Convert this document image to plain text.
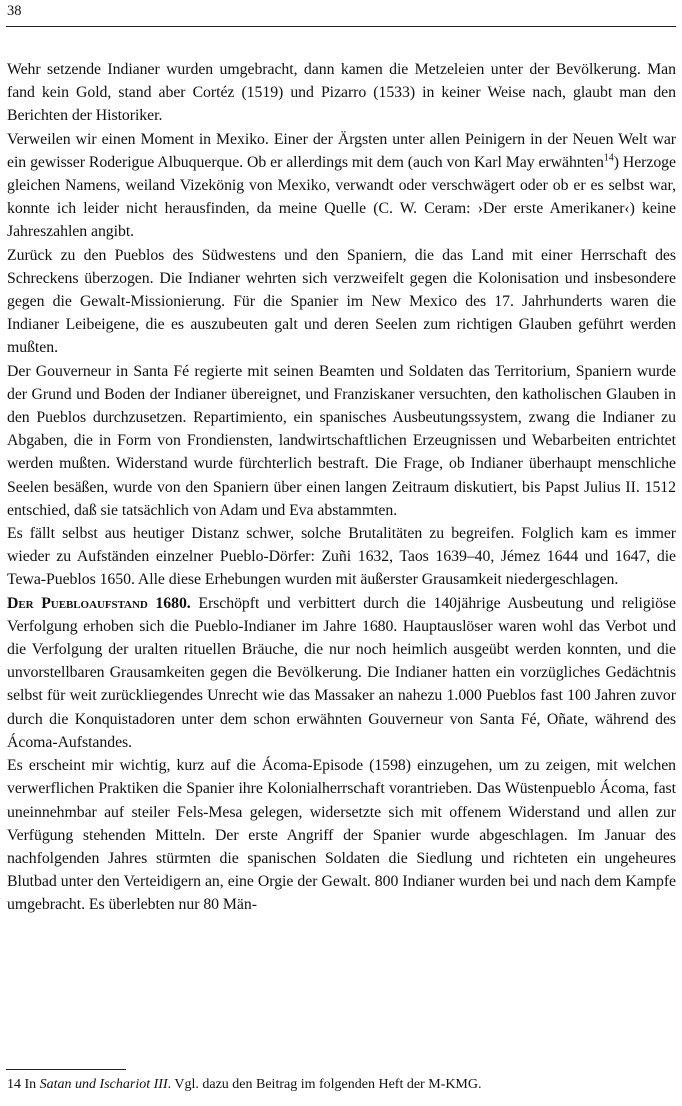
38

Wehr setzende Indianer wurden umgebracht, dann kamen die Metzeleien unter der Bevölkerung. Man fand kein Gold, stand aber Cortéz (1519) und Pizarro (1533) in keiner Weise nach, glaubt man den Berichten der Historiker.

Verweilen wir einen Moment in Mexiko. Einer der Ärgsten unter allen Peinigern in der Neuen Welt war ein gewisser Roderigue Albuquerque. Ob er allerdings mit dem (auch von Karl May erwähnten$^{14}$) Herzoge gleichen Namens, weiland Vizekönig von Mexiko, verwandt oder verschwägert oder ob er es selbst war, konnte ich leider nicht herausfinden, da meine Quelle (C. W. Ceram: ›Der erste Amerikaner‹) keine Jahreszahlen angibt.

Zurück zu den Pueblos des Südwestens und den Spaniern, die das Land mit einer Herrschaft des Schreckens überzogen. Die Indianer wehrten sich verzweifelt gegen die Kolonisation und insbesondere gegen die Gewalt-Missionierung. Für die Spanier im New Mexico des 17. Jahrhunderts waren die Indianer Leibeigene, die es auszubeuten galt und deren Seelen zum richtigen Glauben geführt werden mußten.

Der Gouverneur in Santa Fé regierte mit seinen Beamten und Soldaten das Territorium, Spaniern wurde der Grund und Boden der Indianer übereignet, und Franziskaner versuchten, den katholischen Glauben in den Pueblos durchzusetzen. Repartimiento, ein spanisches Ausbeutungssystem, zwang die Indianer zu Abgaben, die in Form von Frondiensten, landwirtschaftlichen Erzeugnissen und Webarbeiten entrichtet werden mußten. Widerstand wurde fürchterlich bestraft. Die Frage, ob Indianer überhaupt menschliche Seelen besäßen, wurde von den Spaniern über einen langen Zeitraum diskutiert, bis Papst Julius II. 1512 entschied, daß sie tatsächlich von Adam und Eva abstammten.

Es fällt selbst aus heutiger Distanz schwer, solche Brutalitäten zu begreifen. Folglich kam es immer wieder zu Aufständen einzelner Pueblo-Dörfer: Zuñi 1632, Taos 1639–40, Jémez 1644 und 1647, die Tewa-Pueblos 1650. Alle diese Erhebungen wurden mit äußerster Grausamkeit niedergeschlagen.

Der Puebloaufstand 1680. Erschöpft und verbittert durch die 140jährige Ausbeutung und religiöse Verfolgung erhoben sich die Pueblo-Indianer im Jahre 1680. Hauptauslöser waren wohl das Verbot und die Verfolgung der uralten rituellen Bräuche, die nur noch heimlich ausgeübt werden konnten, und die unvorstellbaren Grausamkeiten gegen die Bevölkerung. Die Indianer hatten ein vorzügliches Gedächtnis selbst für weit zurückliegendes Unrecht wie das Massaker an nahezu 1.000 Pueblos fast 100 Jahren zuvor durch die Konquistadoren unter dem schon erwähnten Gouverneur von Santa Fé, Oñate, während des Ácoma-Aufstandes.

Es erscheint mir wichtig, kurz auf die Ácoma-Episode (1598) einzugehen, um zu zeigen, mit welchen verwerflichen Praktiken die Spanier ihre Kolonialherrschaft vorantrieben. Das Wüstenpueblo Ácoma, fast uneinnehmbar auf steiler Fels-Mesa gelegen, widersetzte sich mit offenem Widerstand und allen zur Verfügung stehenden Mitteln. Der erste Angriff der Spanier wurde abgeschlagen. Im Januar des nachfolgenden Jahres stürmten die spanischen Soldaten die Siedlung und richteten ein ungeheures Blutbad unter den Verteidigern an, eine Orgie der Gewalt. 800 Indianer wurden bei und nach dem Kampfe umgebracht. Es überlebten nur 80 Män-

14 In Satan und Ischariot III. Vgl. dazu den Beitrag im folgenden Heft der M-KMG.
